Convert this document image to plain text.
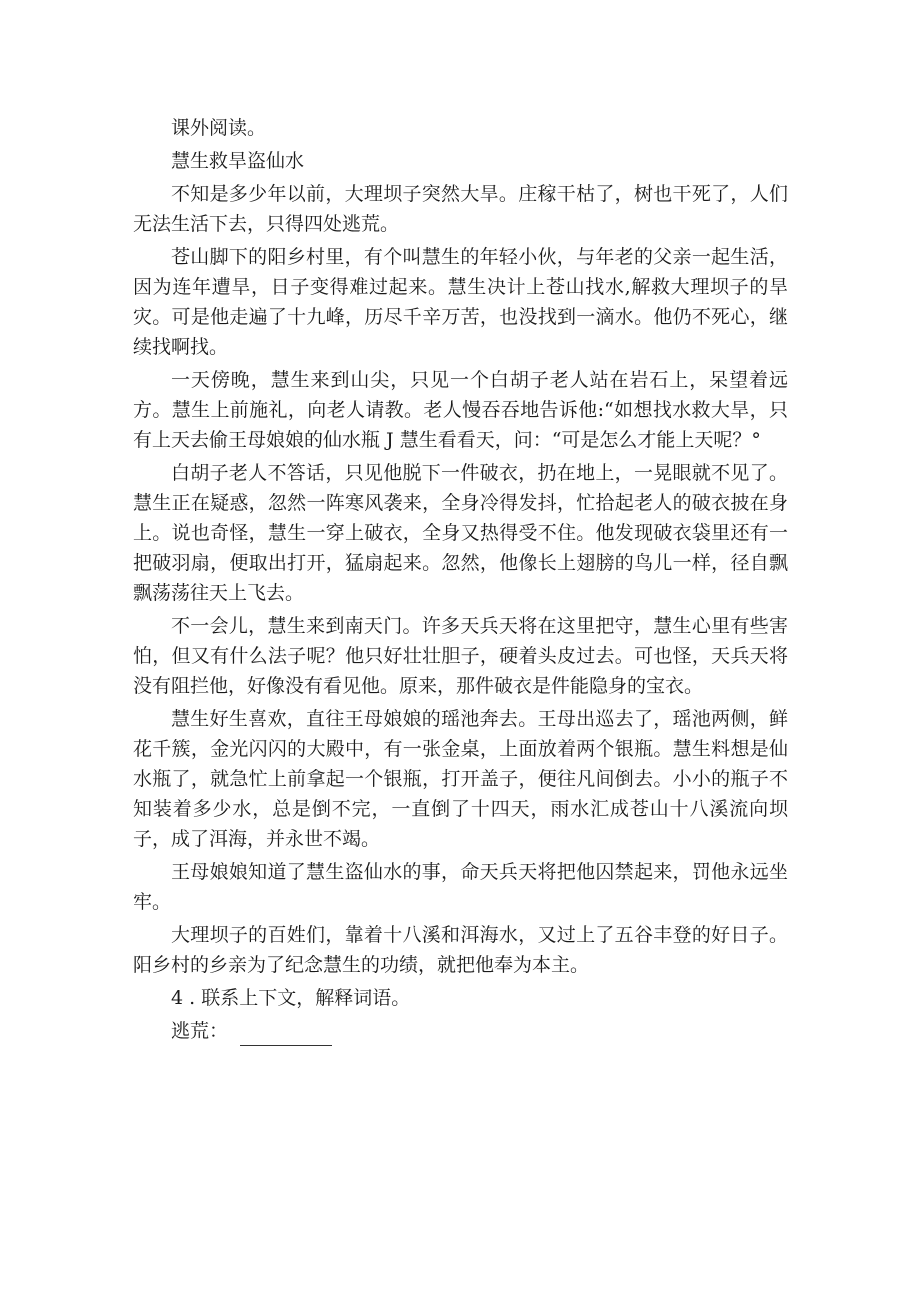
课外阅读。

慧生救旱盗仙水

不知是多少年以前，大理坝子突然大旱。庄稼干枯了，树也干死了，人们无法生活下去，只得四处逃荒。

苍山脚下的阳乡村里，有个叫慧生的年轻小伙，与年老的父亲一起生活，因为连年遭旱，日子变得难过起来。慧生决计上苍山找水,解救大理坝子的旱灾。可是他走遍了十九峰，历尽千辛万苦，也没找到一滴水。他仍不死心，继续找啊找。

一天傍晚，慧生来到山尖，只见一个白胡子老人站在岩石上，呆望着远方。慧生上前施礼，向老人请教。老人慢吞吞地告诉他:“如想找水救大旱，只有上天去偷王母娘娘的仙水瓶 J 慧生看看天，问：“可是怎么才能上天呢？°

白胡子老人不答话，只见他脱下一件破衣，扔在地上，一晃眼就不见了。慧生正在疑惑，忽然一阵寒风袭来，全身冷得发抖，忙拾起老人的破衣披在身上。说也奇怪，慧生一穿上破衣，全身又热得受不住。他发现破衣袋里还有一把破羽扇，便取出打开，猛扇起来。忽然，他像长上翅膀的鸟儿一样，径自飘飘荡荡往天上飞去。

不一会儿，慧生来到南天门。许多天兵天将在这里把守，慧生心里有些害怕，但又有什么法子呢？他只好壮壮胆子，硬着头皮过去。可也怪，天兵天将没有阻拦他，好像没有看见他。原来，那件破衣是件能隐身的宝衣。

慧生好生喜欢，直往王母娘娘的瑶池奔去。王母出巡去了，瑶池两侧，鲜花千簇，金光闪闪的大殿中，有一张金桌，上面放着两个银瓶。慧生料想是仙水瓶了，就急忙上前拿起一个银瓶，打开盖子，便往凡间倒去。小小的瓶子不知装着多少水，总是倒不完，一直倒了十四天，雨水汇成苍山十八溪流向坝子，成了洱海，并永世不竭。

王母娘娘知道了慧生盗仙水的事，命天兵天将把他囚禁起来，罚他永远坐牢。

大理坝子的百姓们，靠着十八溪和洱海水，又过上了五谷丰登的好日子。阳乡村的乡亲为了纪念慧生的功绩，就把他奉为本主。

4 . 联系上下文，解释词语。

逃荒：
